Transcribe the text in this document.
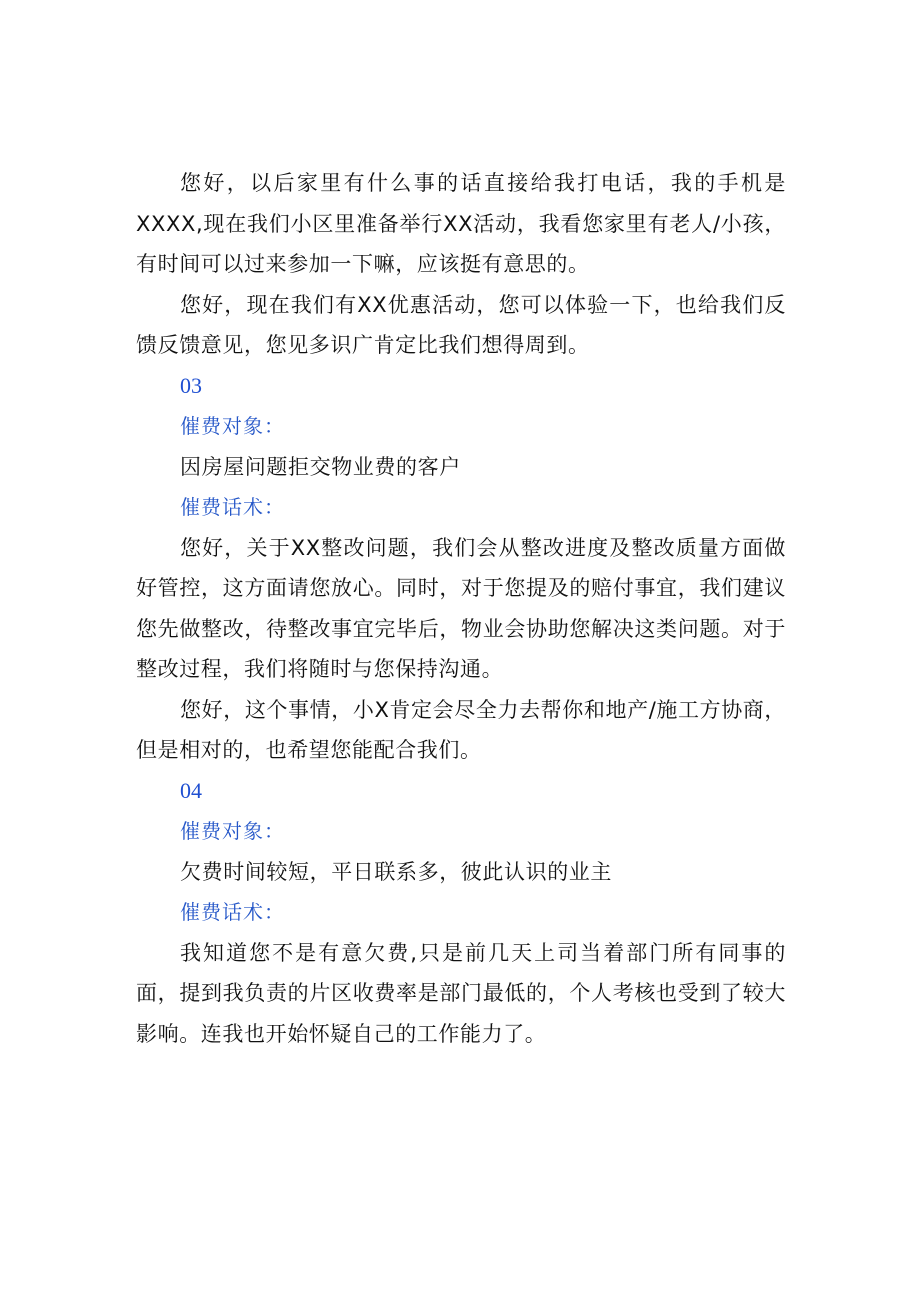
您好，以后家里有什么事的话直接给我打电话，我的手机是XXXX,现在我们小区里准备举行XX活动，我看您家里有老人/小孩，有时间可以过来参加一下嘛，应该挺有意思的。

您好，现在我们有XX优惠活动，您可以体验一下，也给我们反馈反馈意见，您见多识广肯定比我们想得周到。

03

催费对象：

因房屋问题拒交物业费的客户

催费话术：

您好，关于XX整改问题，我们会从整改进度及整改质量方面做好管控，这方面请您放心。同时，对于您提及的赔付事宜，我们建议您先做整改，待整改事宜完毕后，物业会协助您解决这类问题。对于整改过程，我们将随时与您保持沟通。

您好，这个事情，小X肯定会尽全力去帮你和地产/施工方协商，但是相对的，也希望您能配合我们。

04

催费对象：

欠费时间较短，平日联系多，彼此认识的业主

催费话术：

我知道您不是有意欠费,只是前几天上司当着部门所有同事的面，提到我负责的片区收费率是部门最低的，个人考核也受到了较大影响。连我也开始怀疑自己的工作能力了。
